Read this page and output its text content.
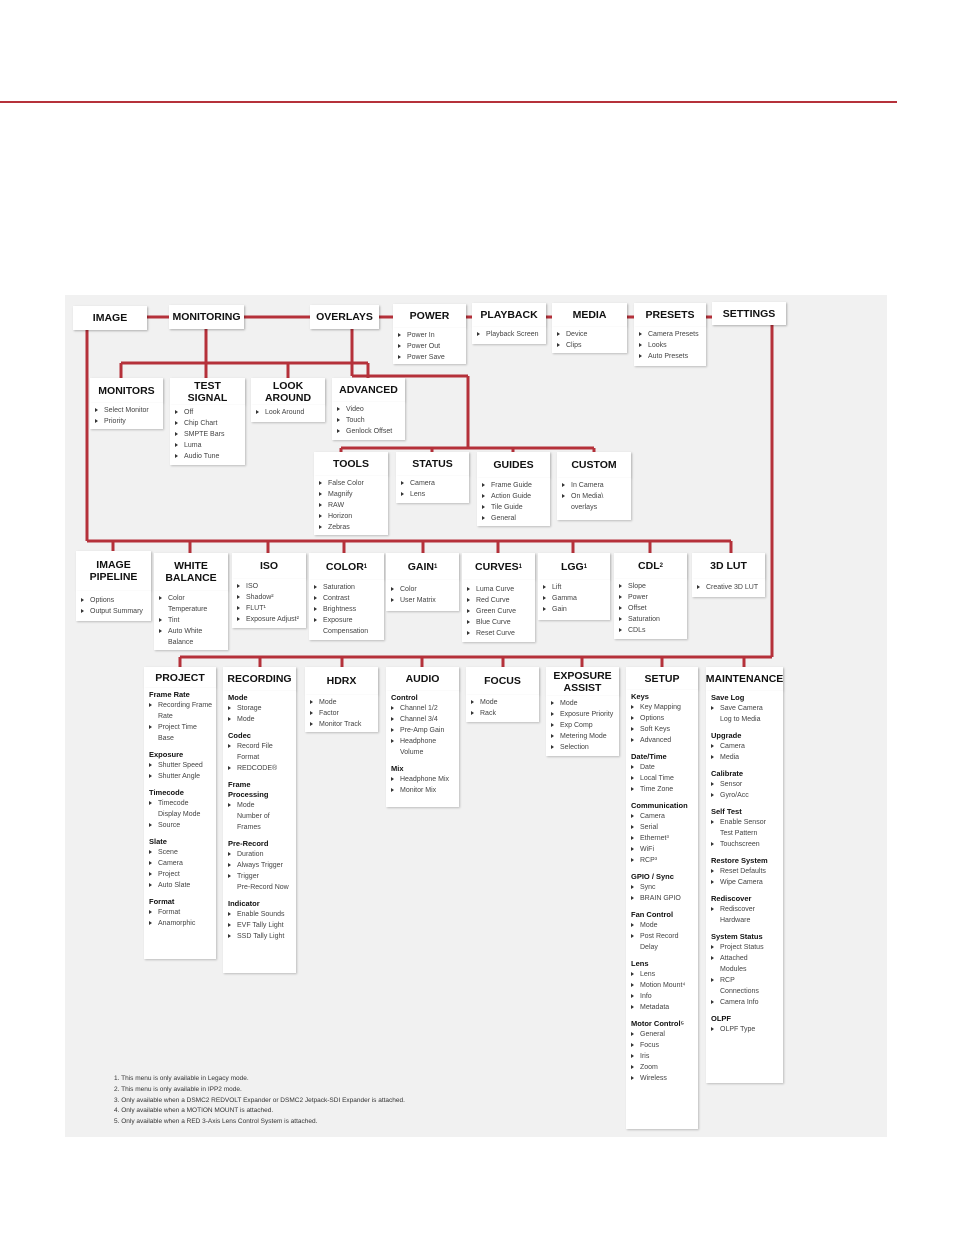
IMAGE	MONITORING	OVERLAYS	POWER
Power In
Power Out
Power Save
PLAYBACK
Playback Screen
MEDIA
Device
Clips
PRESETS
Camera Presets
Looks
Auto Presets
SETTINGS
MONITORS
Select Monitor
Priority
TEST
SIGNAL
Off
Chip Chart
SMPTE Bars
Luma
Audio Tune
LOOK
AROUND
Look Around
ADVANCED
Video
Touch
Genlock Offset
TOOLS
False Color
Magnify
RAW
Horizon
Zebras
STATUS
Camera
Lens
GUIDES
Frame Guide
Action Guide
Tile Guide
General
CUSTOM
In Camera
On Media\
overlays
IMAGE
PIPELINE
Options
Output Summary
WHITE
BALANCE
Color
Temperature
Tint
Auto White
Balance
ISO
ISO
Shadow²
FLUT¹
Exposure Adjust²
COLOR 1
Saturation
Contrast
Brightness
Exposure
Compensation
GAIN 1
Color
User Matrix
CURVES 1
Luma Curve
Red Curve
Green Curve
Blue Curve
Reset Curve
LGG 1
Lift
Gamma
Gain
CDL 2
Slope
Power
Offset
Saturation
CDLs
3D LUT
Creative 3D LUT
PROJECT
Frame Rate
Recording Frame
Rate
Project Time
Base
Exposure
Shutter Speed
Shutter Angle
Timecode
Timecode
Display Mode
Source
Slate
Scene
Camera
Project
Auto Slate
Format
Format
Anamorphic
RECORDING
Mode
Storage
Mode
Codec
Record File
Format
REDCODE®
Frame
Processing
Mode
Number of
Frames
Pre-Record
Duration
Always Trigger
Trigger
Pre-Record Now
Indicator
Enable Sounds
EVF Tally Light
SSD Tally Light
HDRX
Mode
Factor
Monitor Track
AUDIO
Control
Channel 1/2
Channel 3/4
Pre-Amp Gain
Headphone
Volume
Mix
Headphone Mix
Monitor Mix
FOCUS
Mode
Rack
EXPOSURE
ASSIST
Mode
Exposure Priority
Exp Comp
Metering Mode
Selection
SETUP
Keys
Key Mapping
Options
Soft Keys
Advanced
Date/Time
Date
Local Time
Time Zone
Communication
Camera
Serial
Ethernet³
WiFi
RCP³
GPIO / Sync
Sync
BRAIN GPIO
Fan Control
Mode
Post Record
Delay
Lens
Lens
Motion Mount⁴
Info
Metadata
Motor Control⁵
General
Focus
Iris
Zoom
Wireless
MAINTENANCE
Save Log
Save Camera
Log to Media
Upgrade
Camera
Media
Calibrate
Sensor
Gyro/Acc
Self Test
Enable Sensor
Test Pattern
Touchscreen
Restore System
Reset Defaults
Wipe Camera
Rediscover
Rediscover
Hardware
System Status
Project Status
Attached
Modules
RCP
Connections
Camera Info
OLPF
OLPF Type
1. This menu is only available in Legacy mode.
2. This menu is only available in IPP2 mode.
3. Only available when a DSMC2 REDVOLT Expander or DSMC2 Jetpack-SDI Expander is attached.
4. Only available when a MOTION MOUNT is attached.
5. Only available when a RED 3-Axis Lens Control System is attached.
